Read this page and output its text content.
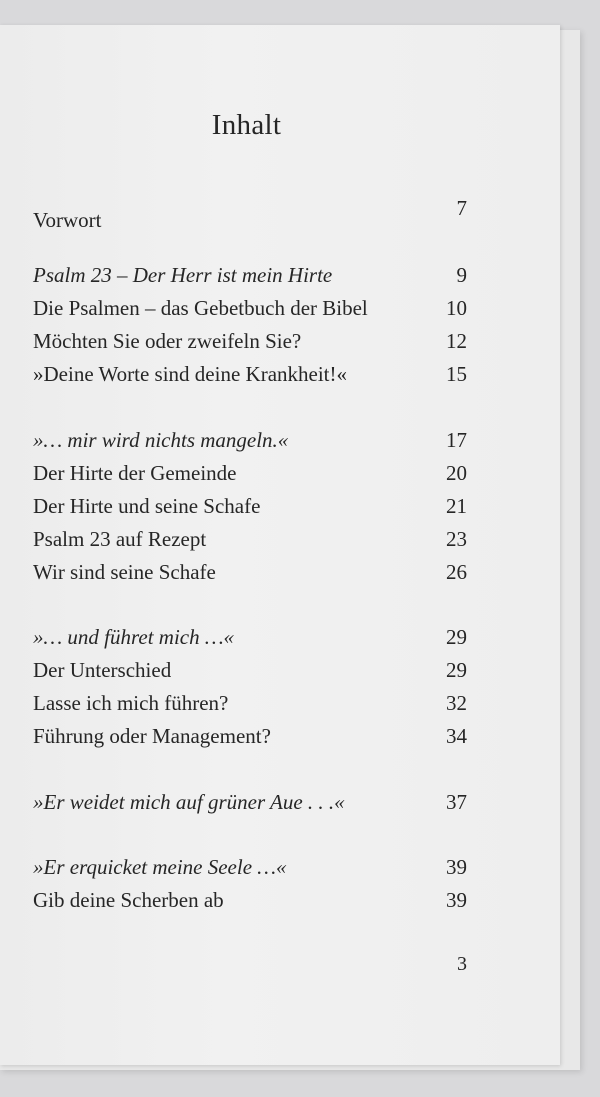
Inhalt
Vorwort	7
Psalm 23 – Der Herr ist mein Hirte	9
Die Psalmen – das Gebetbuch der Bibel	10
Möchten Sie oder zweifeln Sie?	12
»Deine Worte sind deine Krankheit!«	15
»… mir wird nichts mangeln.«	17
Der Hirte der Gemeinde	20
Der Hirte und seine Schafe	21
Psalm 23 auf Rezept	23
Wir sind seine Schafe	26
»… und führet mich …«	29
Der Unterschied	29
Lasse ich mich führen?	32
Führung oder Management?	34
»Er weidet mich auf grüner Aue . . .«	37
»Er erquicket meine Seele …«	39
Gib deine Scherben ab	39
3
